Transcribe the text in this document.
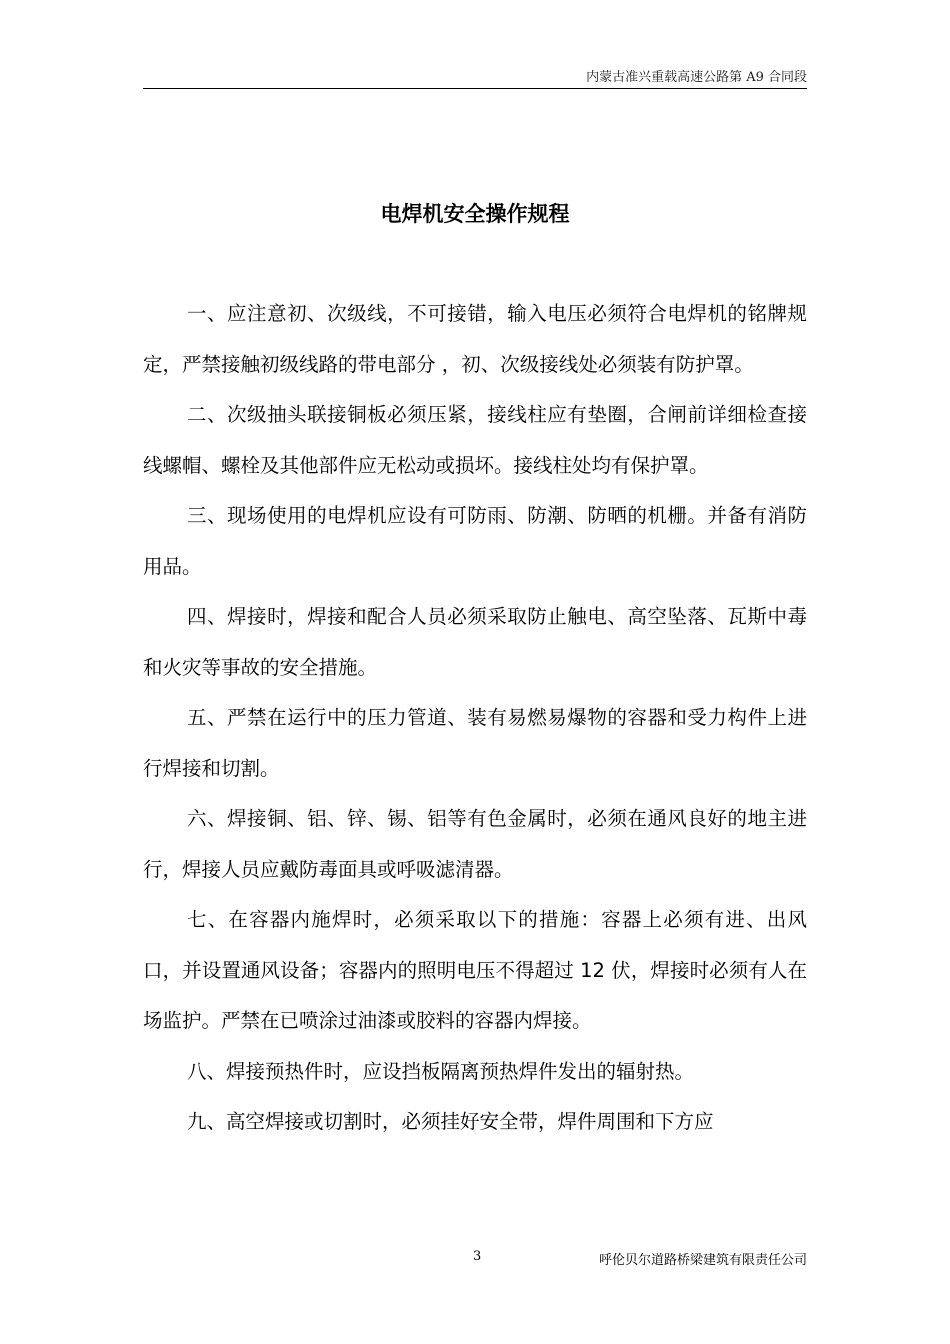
内蒙古准兴重载高速公路第 A9 合同段
电焊机安全操作规程

一、应注意初、次级线，不可接错，输入电压必须符合电焊机的铭牌规定，严禁接触初级线路的带电部分 ，初、次级接线处必须装有防护罩。

二、次级抽头联接铜板必须压紧，接线柱应有垫圈，合闸前详细检查接线螺帽、螺栓及其他部件应无松动或损坏。接线柱处均有保护罩。

三、现场使用的电焊机应设有可防雨、防潮、防晒的机栅。并备有消防用品。

四、焊接时，焊接和配合人员必须采取防止触电、高空坠落、瓦斯中毒和火灾等事故的安全措施。

五、严禁在运行中的压力管道、装有易燃易爆物的容器和受力构件上进行焊接和切割。

六、焊接铜、铝、锌、锡、铝等有色金属时，必须在通风良好的地主进行，焊接人员应戴防毒面具或呼吸滤清器。

七、在容器内施焊时，必须采取以下的措施：容器上必须有进、出风口，并设置通风设备；容器内的照明电压不得超过 12 伏，焊接时必须有人在场监护。严禁在已喷涂过油漆或胶料的容器内焊接。

八、焊接预热件时，应设挡板隔离预热焊件发出的辐射热。

九、高空焊接或切割时，必须挂好安全带，焊件周围和下方应

3	呼伦贝尔道路桥梁建筑有限责任公司
